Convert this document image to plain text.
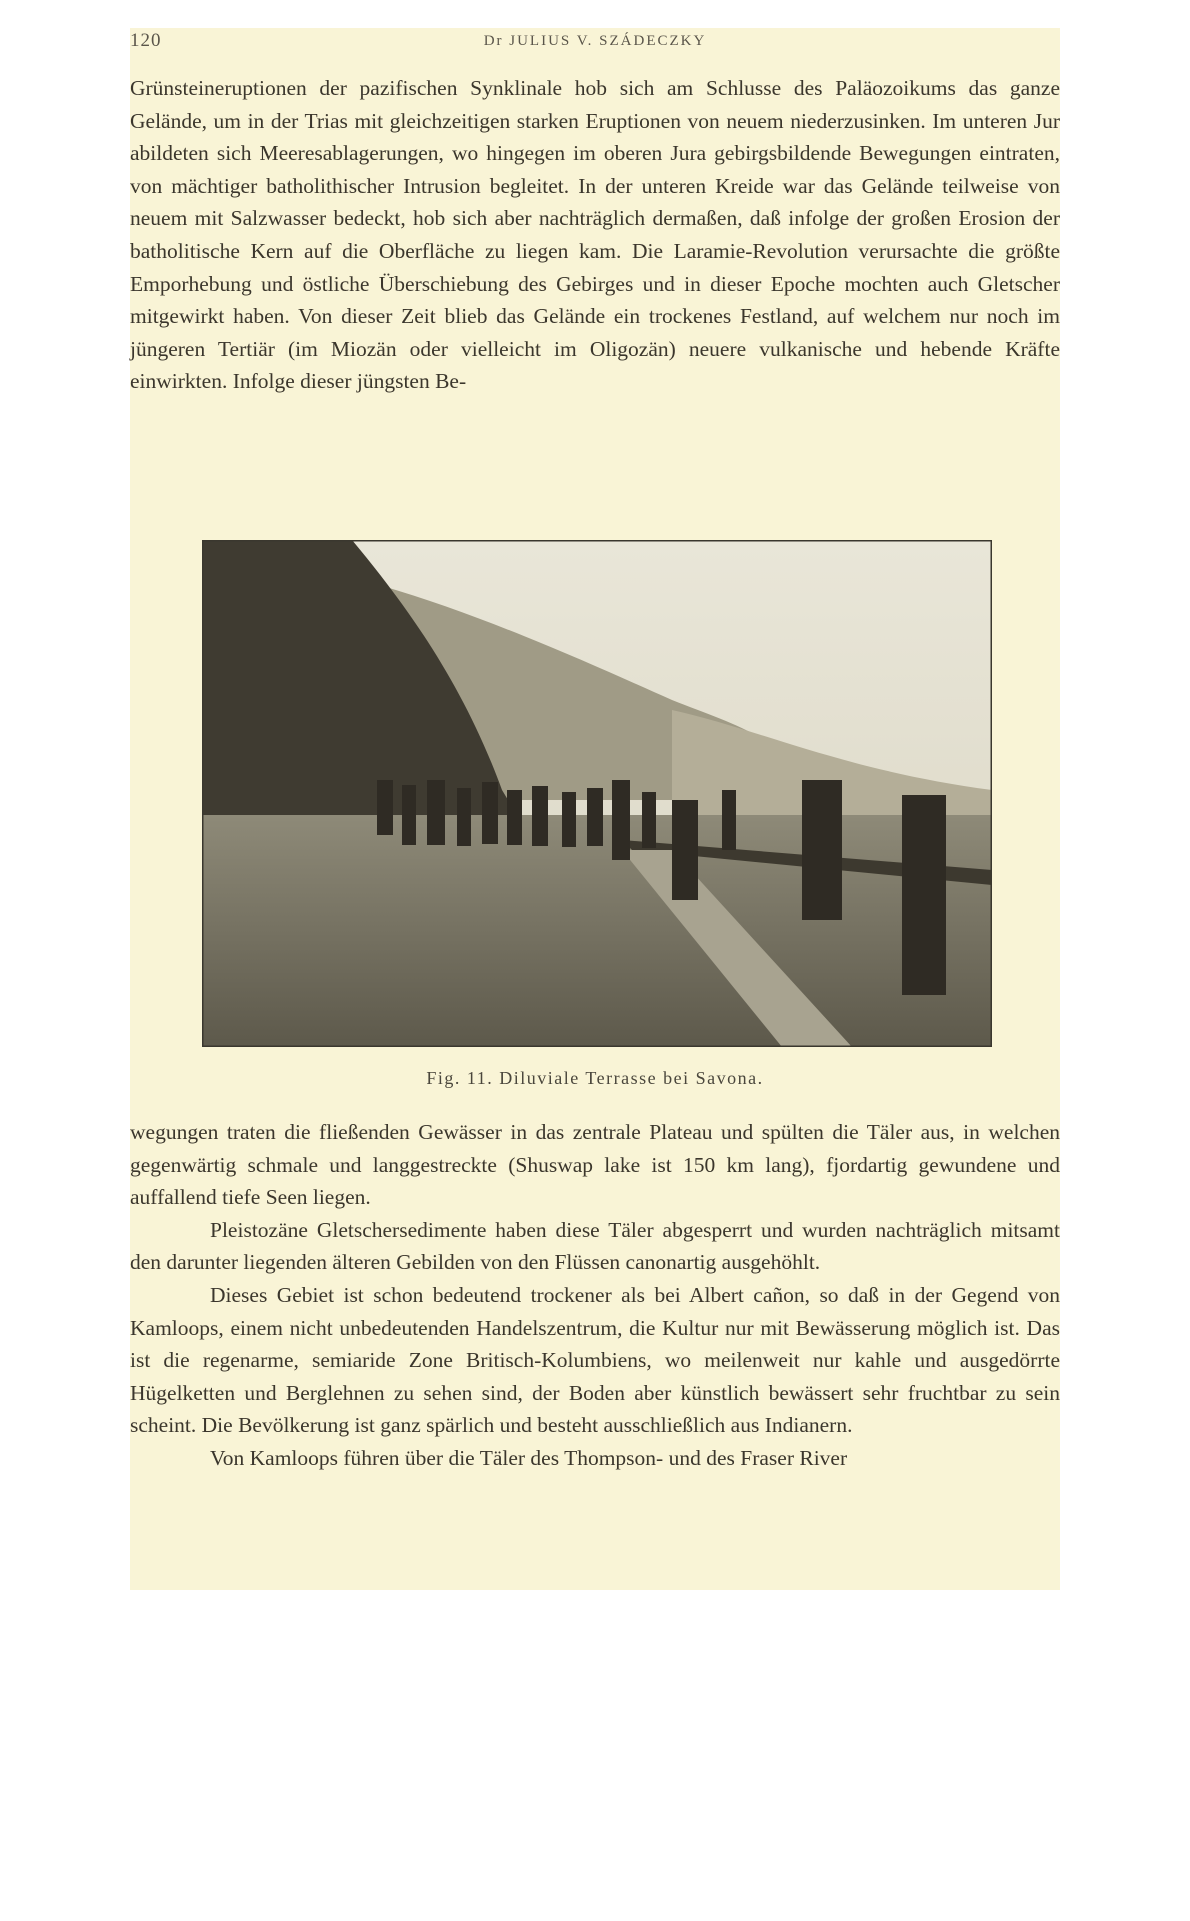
120	Dr JULIUS V. SZÁDECZKY

Grünsteineruptionen der pazifischen Synklinale hob sich am Schlusse des Paläozoikums das ganze Gelände, um in der Trias mit gleichzeitigen starken Eruptionen von neuem niederzusinken. Im unteren Jur abildeten sich Meeresablagerungen, wo hingegen im oberen Jura gebirgsbildende Bewegungen eintraten, von mächtiger batholithischer Intrusion begleitet. In der unteren Kreide war das Gelände teilweise von neuem mit Salzwasser bedeckt, hob sich aber nachträglich dermaßen, daß infolge der großen Erosion der batholitische Kern auf die Oberfläche zu liegen kam. Die Laramie-Revolution verursachte die größte Emporhebung und östliche Überschiebung des Gebirges und in dieser Epoche mochten auch Gletscher mitgewirkt haben. Von dieser Zeit blieb das Gelände ein trockenes Festland, auf welchem nur noch im jüngeren Tertiär (im Miozän oder vielleicht im Oligozän) neuere vulkanische und hebende Kräfte einwirkten. Infolge dieser jüngsten Be-

Fig. 11. Diluviale Terrasse bei Savona.

wegungen traten die fließenden Gewässer in das zentrale Plateau und spülten die Täler aus, in welchen gegenwärtig schmale und langgestreckte (Shuswap lake ist 150 km lang), fjordartig gewundene und auffallend tiefe Seen liegen.

Pleistozäne Gletschersedimente haben diese Täler abgesperrt und wurden nachträglich mitsamt den darunter liegenden älteren Gebilden von den Flüssen canonartig ausgehöhlt.

Dieses Gebiet ist schon bedeutend trockener als bei Albert cañon, so daß in der Gegend von Kamloops, einem nicht unbedeutenden Handelszentrum, die Kultur nur mit Bewässerung möglich ist. Das ist die regenarme, semiaride Zone Britisch-Kolumbiens, wo meilenweit nur kahle und ausgedörrte Hügelketten und Berglehnen zu sehen sind, der Boden aber künstlich bewässert sehr fruchtbar zu sein scheint. Die Bevölkerung ist ganz spärlich und besteht ausschließlich aus Indianern.

Von Kamloops führen über die Täler des Thompson- und des Fraser River
